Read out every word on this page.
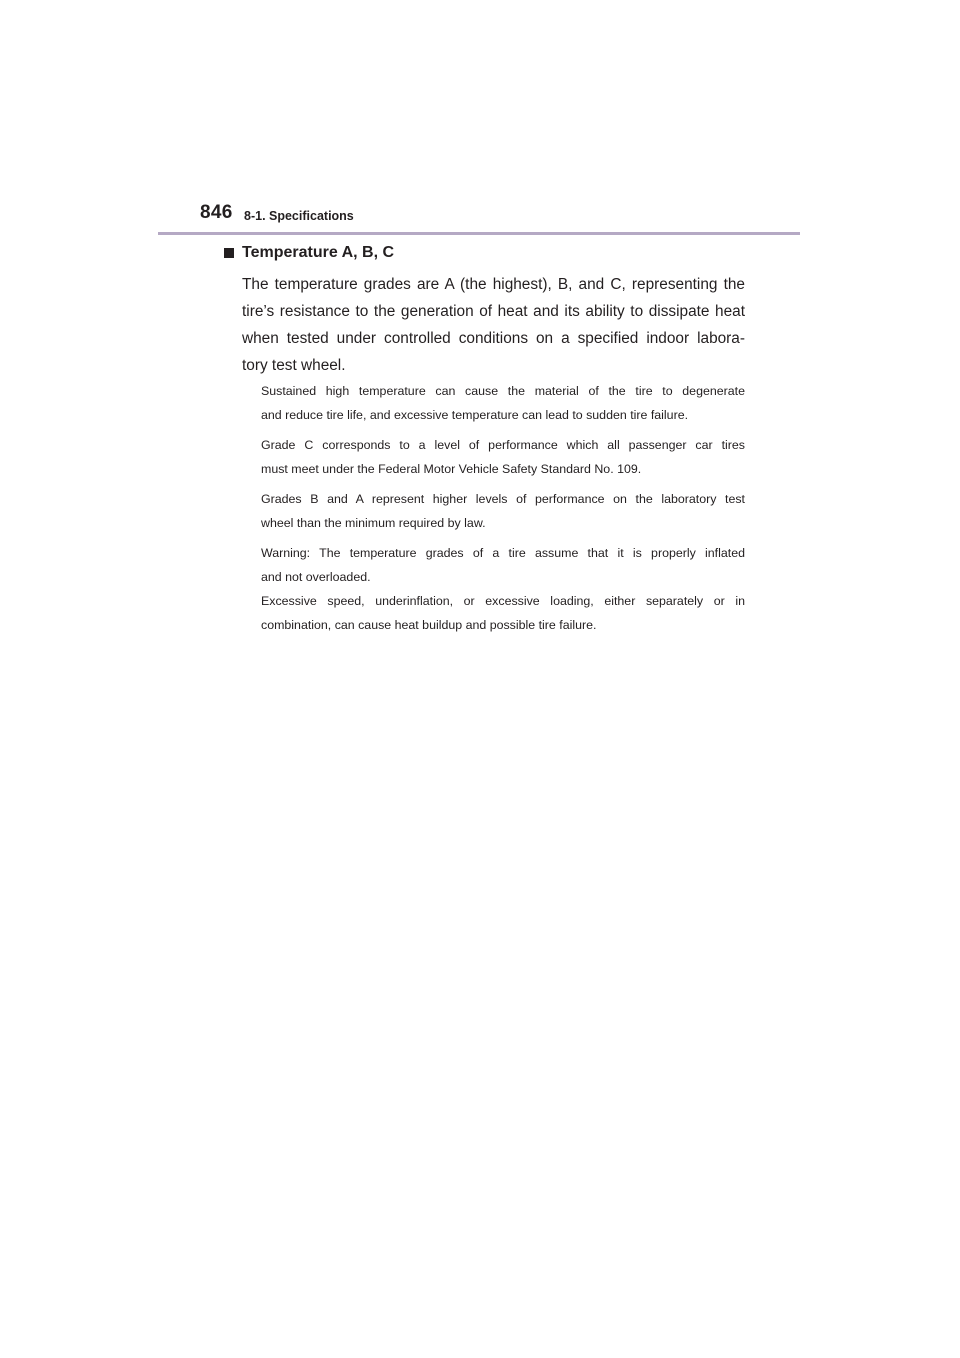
846 8-1. Specifications
Temperature A, B, C
The temperature grades are A (the highest), B, and C, representing the
tire’s resistance to the generation of heat and its ability to dissipate heat
when tested under controlled conditions on a specified indoor labora-
tory test wheel.
Sustained high temperature can cause the material of the tire to degenerate
and reduce tire life, and excessive temperature can lead to sudden tire failure.
Grade C corresponds to a level of performance which all passenger car tires
must meet under the Federal Motor Vehicle Safety Standard No. 109.
Grades B and A represent higher levels of performance on the laboratory test
wheel than the minimum required by law.
Warning: The temperature grades of a tire assume that it is properly inflated
and not overloaded.
Excessive speed, underinflation, or excessive loading, either separately or in
combination, can cause heat buildup and possible tire failure.
